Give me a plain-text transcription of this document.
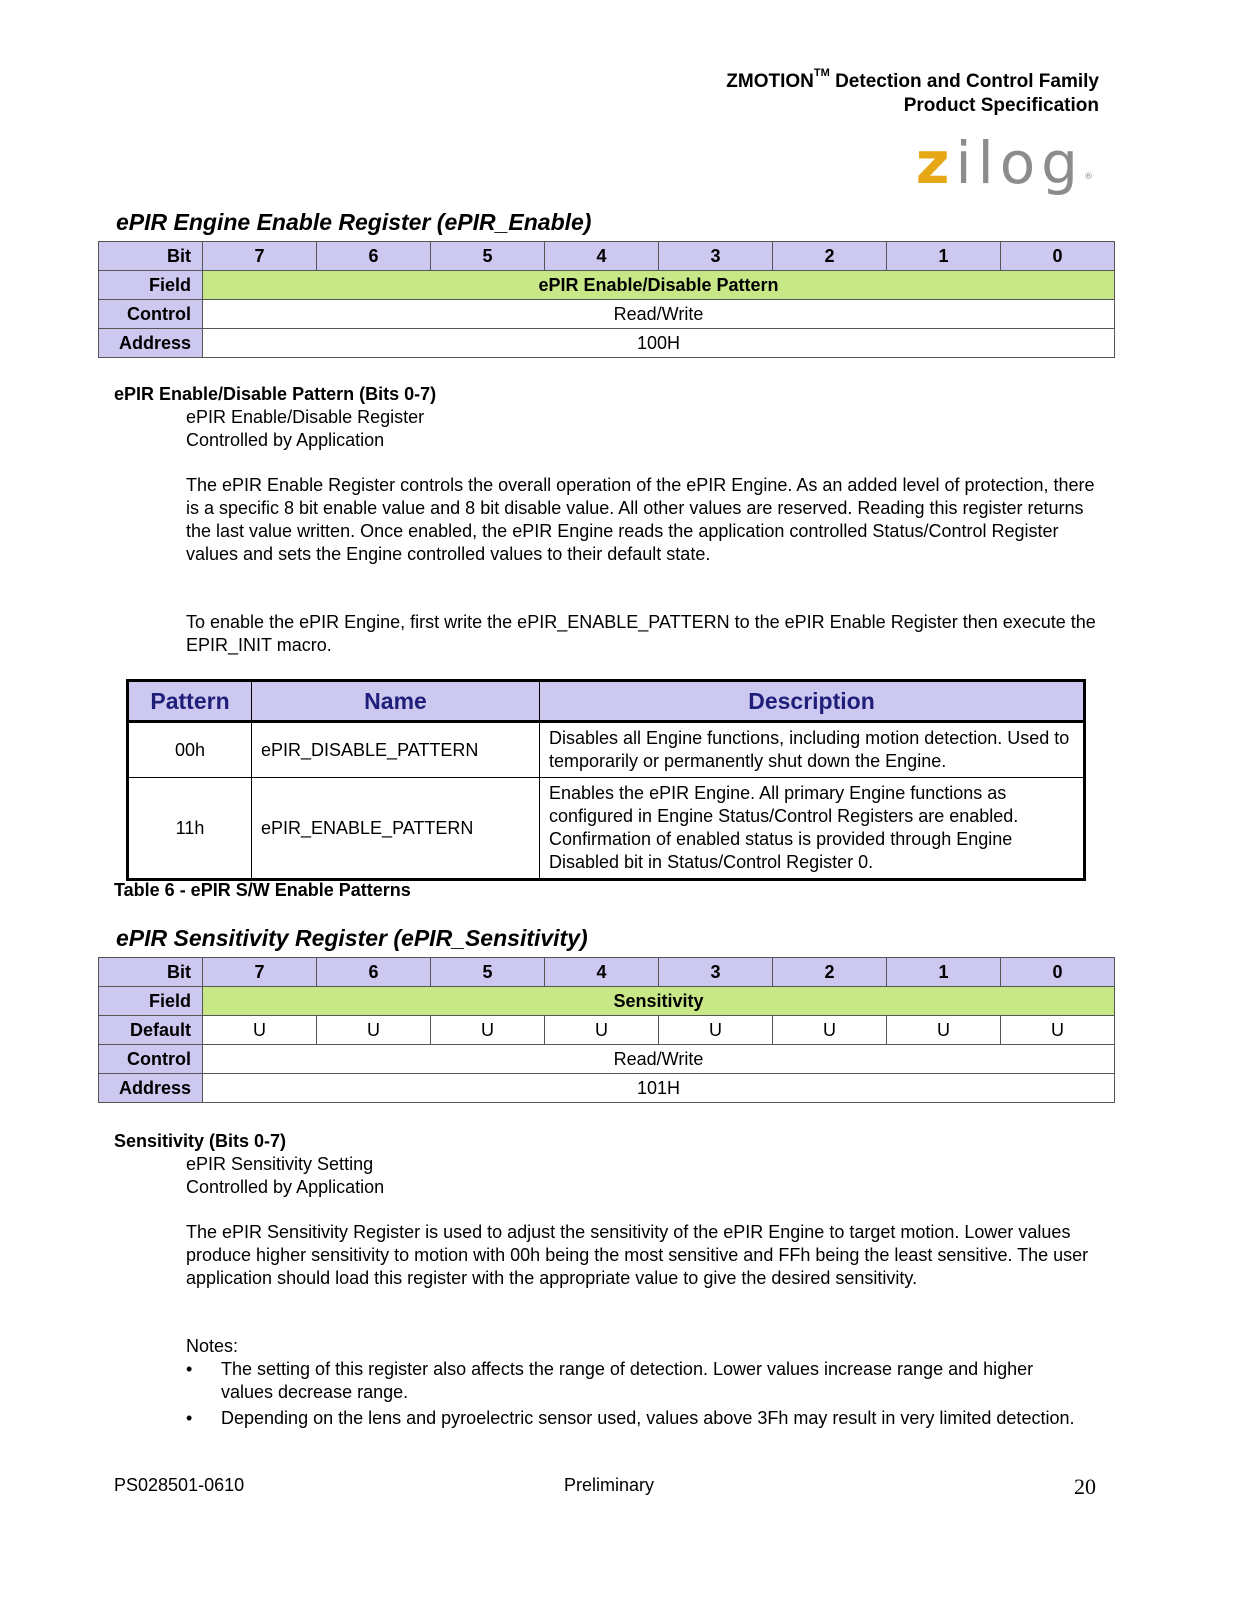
ZMOTION™ Detection and Control Family
Product Specification
zilog®
ePIR Engine Enable Register (ePIR_Enable)
Bit	7	6	5	4	3	2	1	0
Field	ePIR Enable/Disable Pattern							
Control	Read/Write							
Address	100H							
ePIR Enable/Disable Pattern (Bits 0-7)

ePIR Enable/Disable Register

Controlled by Application

The ePIR Enable Register controls the overall operation of the ePIR Engine. As an added level of protection, there is a specific 8 bit enable value and 8 bit disable value. All other values are reserved. Reading this register returns the last value written. Once enabled, the ePIR Engine reads the application controlled Status/Control Register values and sets the Engine controlled values to their default state.

To enable the ePIR Engine, first write the ePIR_ENABLE_PATTERN to the ePIR Enable Register then execute the EPIR_INIT macro.

Pattern	Name	Description
00h	ePIR_DISABLE_PATTERN	Disables all Engine functions, including motion detection. Used to temporarily or permanently shut down the Engine.
11h	ePIR_ENABLE_PATTERN	Enables the ePIR Engine. All primary Engine functions as configured in Engine Status/Control Registers are enabled. Confirmation of enabled status is provided through Engine Disabled bit in Status/Control Register 0.
Table 6 - ePIR S/W Enable Patterns
ePIR Sensitivity Register (ePIR_Sensitivity)
Bit	7	6	5	4	3	2	1	0
Field	Sensitivity							
Default	U	U	U	U	U	U	U	U
Control	Read/Write							
Address	101H							
Sensitivity (Bits 0-7)

ePIR Sensitivity Setting

Controlled by Application

The ePIR Sensitivity Register is used to adjust the sensitivity of the ePIR Engine to target motion. Lower values produce higher sensitivity to motion with 00h being the most sensitive and FFh being the least sensitive. The user application should load this register with the appropriate value to give the desired sensitivity.

Notes:

• The setting of this register also affects the range of detection. Lower values increase range and higher values decrease range.
• Depending on the lens and pyroelectric sensor used, values above 3Fh may result in very limited detection.
PS028501-0610	Preliminary	20
